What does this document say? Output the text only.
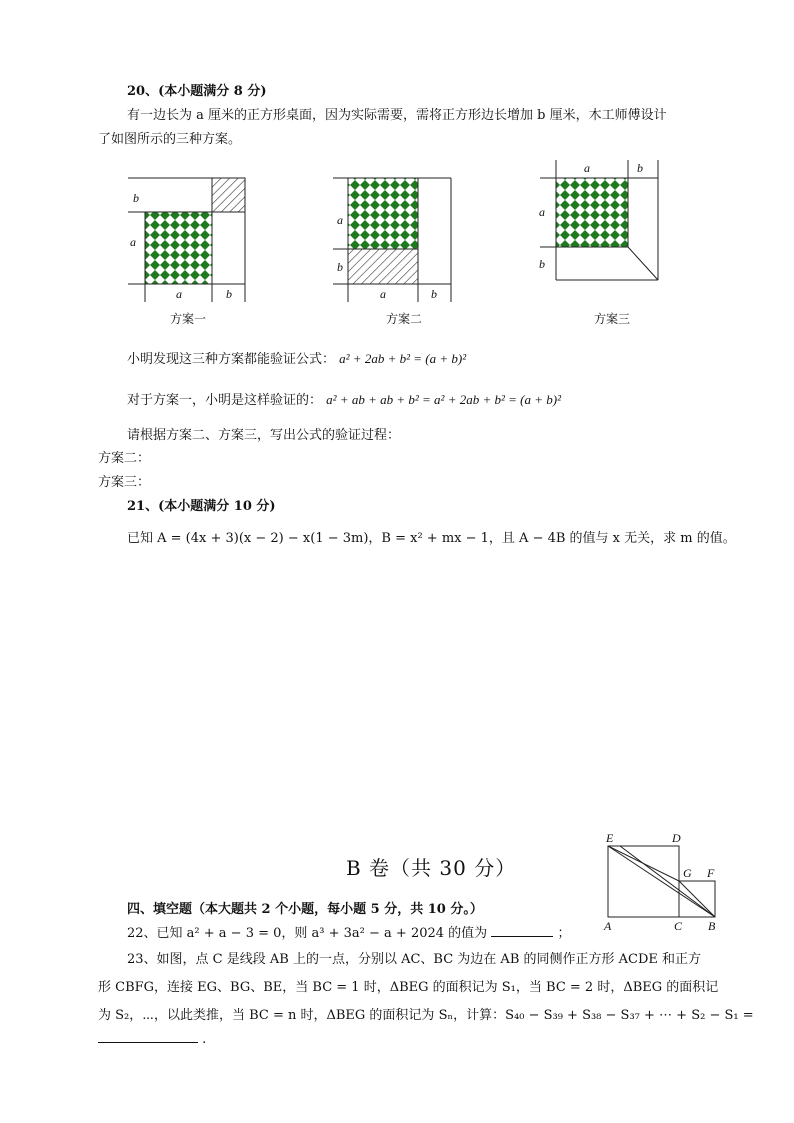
20、(本小题满分 8 分)
有一边长为 a 厘米的正方形桌面，因为实际需要，需将正方形边长增加 b 厘米，木工师傅设计
了如图所示的三种方案。
b
a
a	b
a
b
a	b
a	b
a
b
方案一	方案二	方案三
小明发现这三种方案都能验证公式： a² + 2ab + b² = (a + b)²
对于方案一，小明是这样验证的： a² + ab + ab + b² = a² + 2ab + b² = (a + b)²
请根据方案二、方案三，写出公式的验证过程：
方案二：
方案三：
21、(本小题满分 10 分)
已知 A = (4x + 3)(x − 2) − x(1 − 3m)，B = x² + mx − 1，且 A − 4B 的值与 x 无关，求 m 的值。
B 卷（共 30 分）
E	D
G F
A	C B
四、填空题（本大题共 2 个小题，每小题 5 分，共 10 分。）
22、已知 a² + a − 3 = 0，则 a³ + 3a² − a + 2024 的值为	；
23、如图，点 C 是线段 AB 上的一点，分别以 AC、BC 为边在 AB 的同侧作正方形 ACDE 和正方
形 CBFG，连接 EG、BG、BE，当 BC = 1 时，ΔBEG 的面积记为 S₁，当 BC = 2 时，ΔBEG 的面积记
为 S₂，⋯，以此类推，当 BC = n 时，ΔBEG 的面积记为 Sₙ，计算：S₄₀ − S₃₉ + S₃₈ − S₃₇ + ⋯ + S₂ − S₁ =
.
